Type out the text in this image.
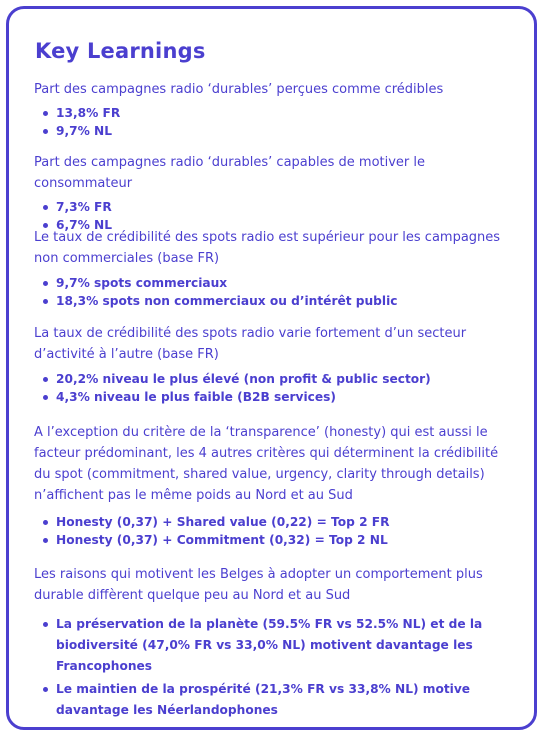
Key Learnings

Part des campagnes radio ‘durables’ perçues comme crédibles

13,8% FR
9,7% NL

Part des campagnes radio ‘durables’ capables de motiver le consommateur

7,3% FR
6,7% NL

Le taux de crédibilité des spots radio est supérieur pour les campagnes non commerciales (base FR)

9,7% spots commerciaux
18,3% spots non commerciaux ou d’intérêt public

La taux de crédibilité des spots radio varie fortement d’un secteur d’activité à l’autre (base FR)

20,2% niveau le plus élevé (non profit & public sector)
4,3% niveau le plus faible (B2B services)

A l’exception du critère de la ‘transparence’ (honesty) qui est aussi le facteur prédominant, les 4 autres critères qui déterminent la crédibilité du spot (commitment, shared value, urgency, clarity through details) n’affichent pas le même poids au Nord et au Sud

Honesty (0,37) + Shared value (0,22) = Top 2 FR
Honesty (0,37) + Commitment (0,32) = Top 2 NL

Les raisons qui motivent les Belges à adopter un comportement plus durable diffèrent quelque peu au Nord et au Sud

La préservation de la planète (59.5% FR vs 52.5% NL) et de la biodiversité (47,0% FR vs 33,0% NL) motivent davantage les Francophones
Le maintien de la prospérité (21,3% FR vs 33,8% NL) motive davantage les Néerlandophones
